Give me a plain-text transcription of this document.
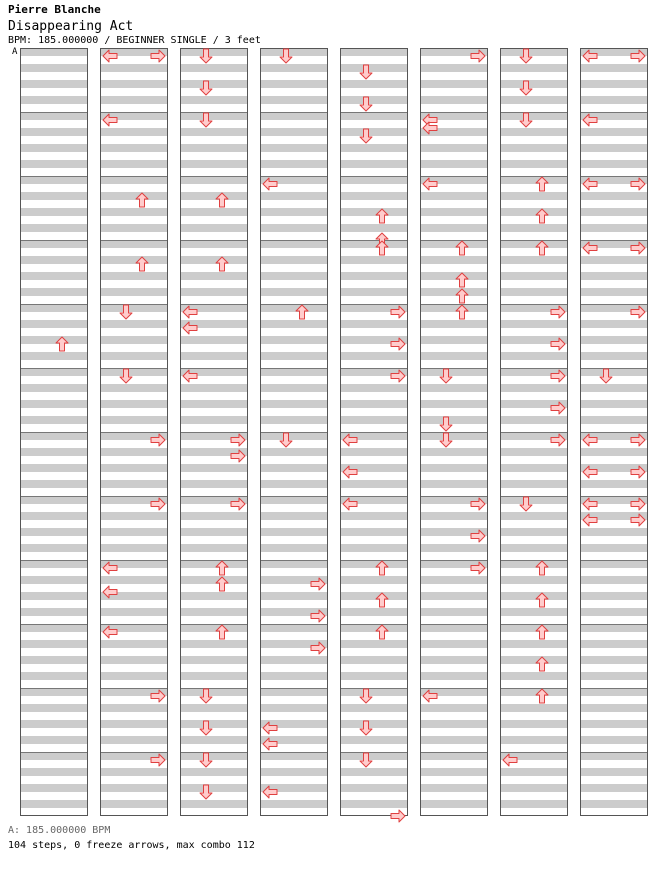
Pierre Blanche
Disappearing Act
BPM: 185.000000 / BEGINNER SINGLE / 3 feet
A
A: 185.000000 BPM
104 steps, 0 freeze arrows, max combo 112
